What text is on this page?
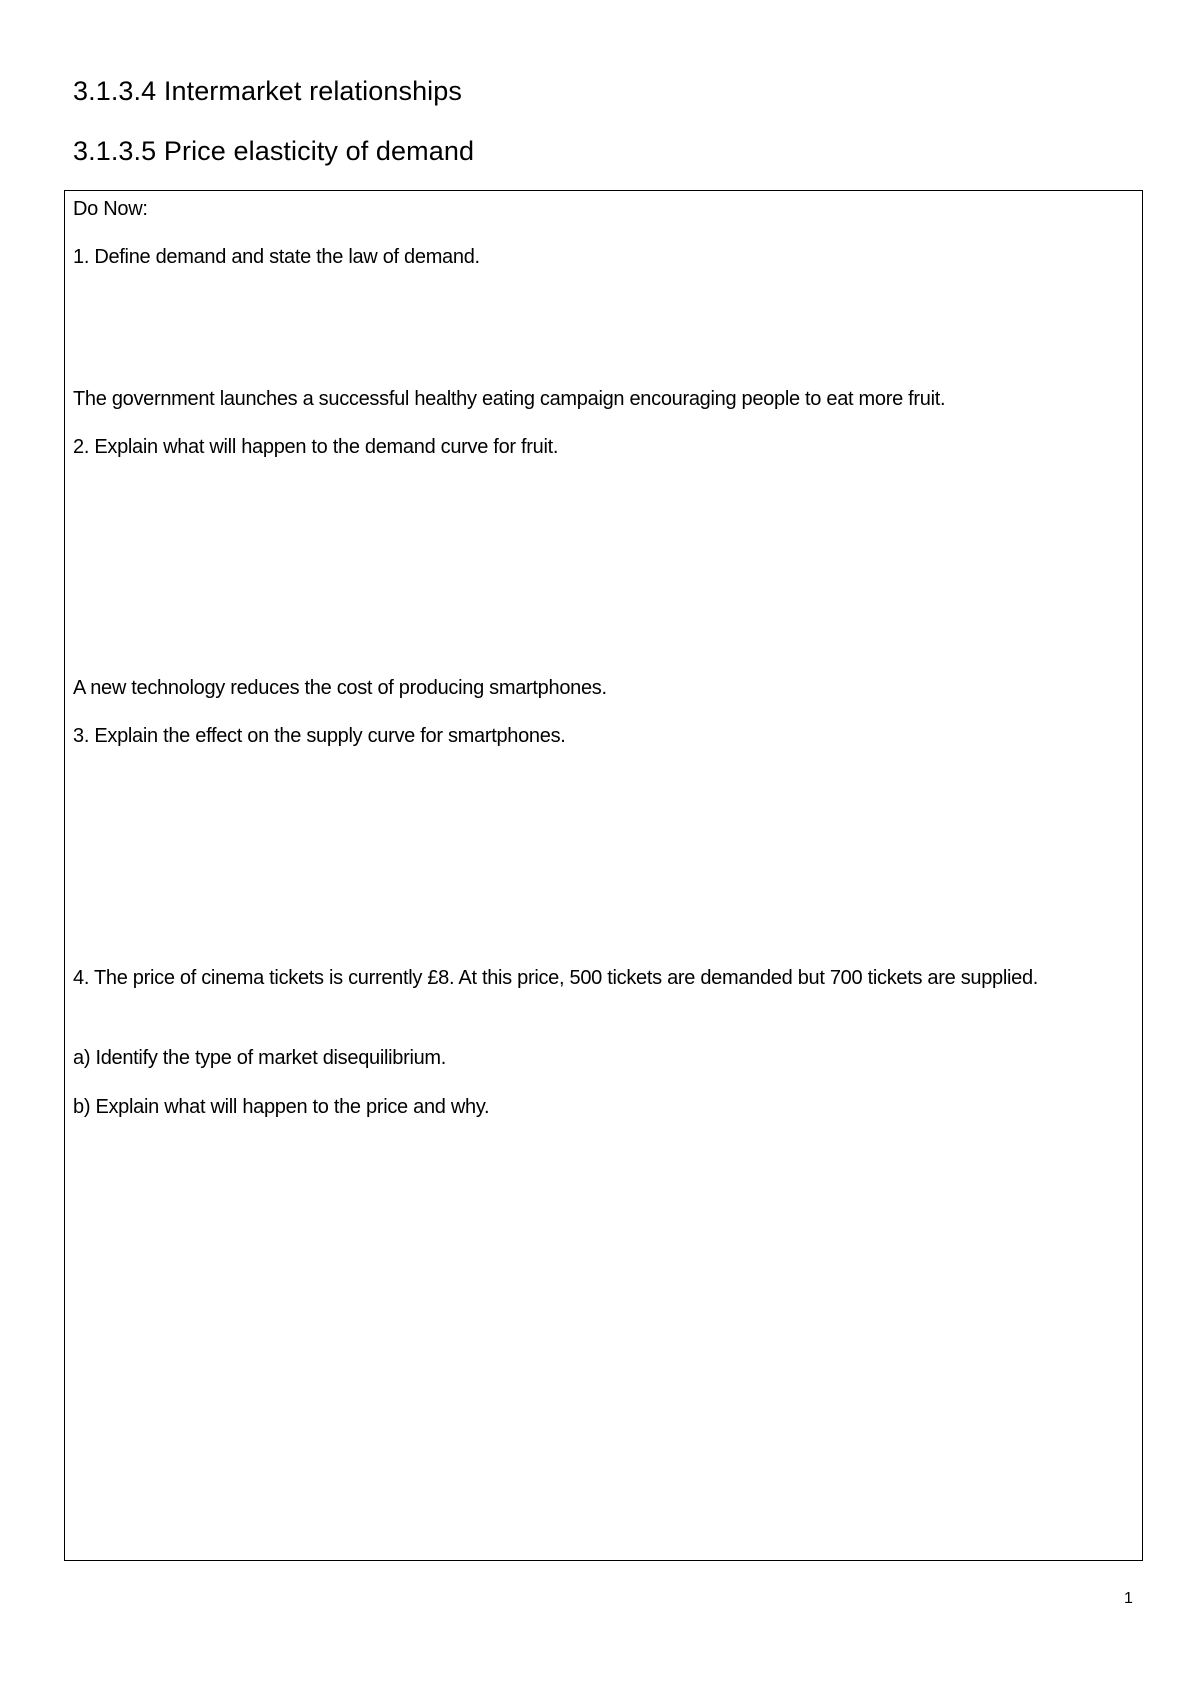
3.1.3.4 Intermarket relationships
3.1.3.5 Price elasticity of demand

Do Now:

1. Define demand and state the law of demand.

The government launches a successful healthy eating campaign encouraging people to eat more fruit.

2. Explain what will happen to the demand curve for fruit.

A new technology reduces the cost of producing smartphones.

3. Explain the effect on the supply curve for smartphones.

4. The price of cinema tickets is currently £8. At this price, 500 tickets are demanded but 700 tickets are supplied.

a) Identify the type of market disequilibrium.

b) Explain what will happen to the price and why.

1
